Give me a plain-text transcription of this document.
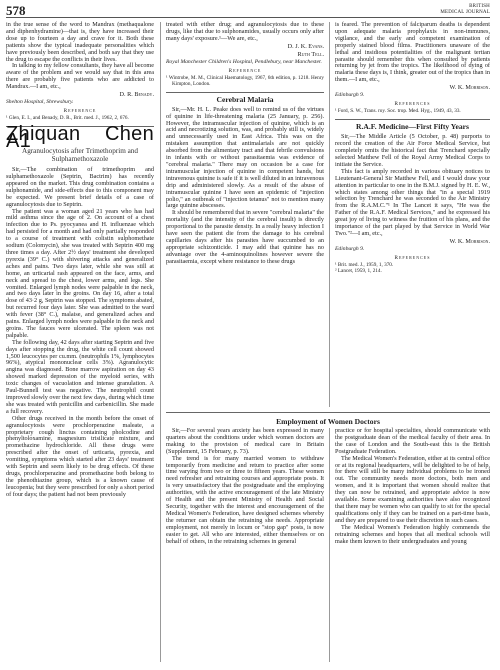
578	BRITISH
MEDICAL JOURNAL

in the true sense of the word to Mandrax (methaqualone and diphenhydramine)—that is, they have increased their dose up to fourteen a day and crave for it. Both these patients show the typical inadequate personalities which have previously been described, and both say that they use the drug to escape the conflicts in their lives.

In talking to my fellow consultants, they have all become aware of the problem and we would say that in this area there are probably five patients who are addicted to Mandrax.—I am, etc.,

D. R. Benady.
Shelton Hospital, Shrewsbury.
Reference
¹ Glen, E. I., and Benady, D. R., Brit. med. J., 1962, 2, 676.
Zhiquan Chen A1
Agranulocytosis after Trimethoprim and Sulphamethoxazole

Sir,—The combination of trimethoprim and sulphamethoxazole (Septrin, Bactrim) has recently appeared on the market. This drug combination contains a sulphonamide, and side-effects due to this component may be expected. We present brief details of a case of agranulocytosis due to Septrin.

The patient was a woman aged 21 years who has had mild asthma since the age of 2. On account of a chest infection due to Ps. pyocyanea and H. influenzae which had persisted for a month and had only partially responded to a course of treatment with colistin sulphomethate sodium (Colomycin), she was treated with Septrin 400 mg three times a day. After 2½ days' treatment she developed pyrexia (39° C.) with shivering attacks and generalized aches and pains. Two days later, while she was still at home, an urticarial rash appeared on the face, arms, and neck and spread to the chest, lower arms, and legs. She vomited. Enlarged lymph nodes were palpable in the neck, and two days later in the groins. On day 16, after a total dose of 43·2 g, Septrin was stopped. The symptoms abated, but recurred four days later. She was admitted to the ward with fever (38° C.), malaise, and generalized aches and pains. Enlarged lymph nodes were palpable in the neck and groins. The fauces were ulcerated. The spleen was not palpable.

The following day, 42 days after starting Septrin and five days after stopping the drug, the white cell count showed 1,500 leucocytes per cu.mm. (neutrophils 1%, lymphocytes 96%), atypical mononuclear cells 3%). Agranulocytic angina was diagnosed. Bone marrow aspiration on day 43 showed marked depression of the myeloid series, with toxic changes of vacuolation and intense granulation. A Paul-Bunnell test was negative. The neutrophil count improved slowly over the next few days, during which time she was treated with penicillin and carbenicillin. She made a full recovery.

Other drugs received in the month before the onset of agranulocytosis were prochlorperazine maleate, a proprietary cough linctus containing pholcodine and phenyltoloxamine, magnesium trisilicate mixture, and promethazine hydrochloride. All these drugs were prescribed after the onset of urticaria, pyrexia, and vomiting, symptoms which started after 23 days' treatment with Septrin and seem likely to be drug effects. Of these drugs, prochlorperazine and promethazine both belong to the phenothiazine group, which is a known cause of leucopenia; but they were prescribed for only a short period of four days; the patient had not been previously

treated with either drug; and agranulocytosis due to these drugs, like that due to sulphonamides, usually occurs only after many days' exposure.¹—We are, etc.,

D. J. K. Evans.
Ruth Tell.
Royal Manchester Children's Hospital, Pendlebury, near Manchester.
Reference
¹ Wintrobe, M. M., Clinical Haematology, 1967, 6th edition, p. 1218. Henry Kimpton, London.
Cerebral Malaria

Sir,—Mr. H. L. Peake does well to remind us of the virtues of quinine in life-threatening malaria (25 January, p. 256). However, the intramuscular injection of quinine, which is an acid and necrotizing solution, was, and probably still is, widely and unnecessarily used in East Africa. This was on the mistaken assumption that antimalarials are not quickly absorbed from the alimentary tract and that febrile convulsions in infants with or without parasitaemia was evidence of "cerebral malaria." There may on occasion be a case for intramuscular injection of quinine in competent hands, but intravenous quinine is safe if it is well diluted in an intravenous drip and administered slowly. As a result of the abuse of intramuscular quinine I have seen an epidemic of "injection polio," an outbreak of "injection tetanus" not to mention many large quinine abscesses.

It should be remembered that in severe "cerebral malaria" the mortality (and the intensity of the cerebral insult) is directly proportional to the parasite density. In a really heavy infection I have seen the patient die from the damage to his cerebral capillaries days after his parasites have succumbed to an appropriate schizonticide. I may add that quinine has no advantage over the 4-aminoquinolines however severe the parasitaemia, except where resistance to these drugs

is feared. The prevention of falciparum deaths is dependent upon adequate malaria prophylaxis in non-immunes, vigilance, and the early and competent examination of properly stained blood films. Practitioners unaware of the lethal and insidious potentialities of the malignant tertian parasite should remember this when consulted by patients returning by jet from the tropics. The likelihood of dying of malaria these days is, I think, greater out of the tropics than in them.—I am, etc.,

W. K. Morrison.
Edinburgh 9.
References
¹ Ford, S. W., Trans. roy. Soc. trop. Med. Hyg., 1949, 43, 33.
R.A.F. Medicine—First Fifty Years

Sir,—The Middle Article (5 October, p. 48) purports to record the creation of the Air Force Medical Service, but completely omits the historical fact that Trenchard specially selected Matthew Fell of the Royal Army Medical Corps to initiate the Service.

This fact is amply recorded in various obituary notices to Lieutenant-General Sir Matthew Fell, and I would draw your attention in particular to one in the B.M.J. signed by H. E. W., which states among other things that "in a special 1919 selection by Trenchard he was seconded to the Air Ministry from the R.A.M.C."¹ In The Lancet it says, "He was the Father of the R.A.F. Medical Services," and he expressed his great joy of living to witness the fruition of his plans, and the importance of the part played by that Service in World War Two."²—I am, etc.,

W. K. Morrison.
Edinburgh 9.
References
¹ Brit. med. J., 1959, 1, 370.
² Lancet, 1959, 1, 214.
Employment of Women Doctors

Sir,—For several years anxiety has been expressed in many quarters about the conditions under which women doctors are making to the provision of medical care in Britain (Supplement, 15 February, p. 73).

The trend is for many married women to withdraw temporarily from medicine and return to practice after some time varying from two or three to fifteen years. These women need refresher and retraining courses and appropriate posts. It is very unsatisfactory that the postgraduate and the employing authorities, with the active encouragement of the late Ministry of Health and the present Ministry of Health and Social Security, together with the interest and encouragement of the Medical Women's Federation, have designed schemes whereby the returner can obtain the retraining she needs. Appropriate employment, not merely in locum or "stop gap" posts, is now easier to get. All who are interested, either themselves or on behalf of others, in the retraining schemes in general

practice or for hospital specialties, should communicate with the postgraduate dean of the medical faculty of their area. In the case of London and the South-east this is the British Postgraduate Federation.

The Medical Women's Federation, either at its central office or at its regional headquarters, will be delighted to be of help, for there will still be many individual problems to be ironed out. The community needs more doctors, both men and women, and it is important that women should realize that they can now be retrained, and appropriate advice is now available. Some examining authorities have also recognized that there may be women who can qualify to sit for the special qualifications only if they can be trained on a part-time basis, and they are prepared to use their discretion in such cases.

The Medical Women's Federation highly commends the retraining schemes and hopes that all medical schools will make them known to their undergraduates and young
